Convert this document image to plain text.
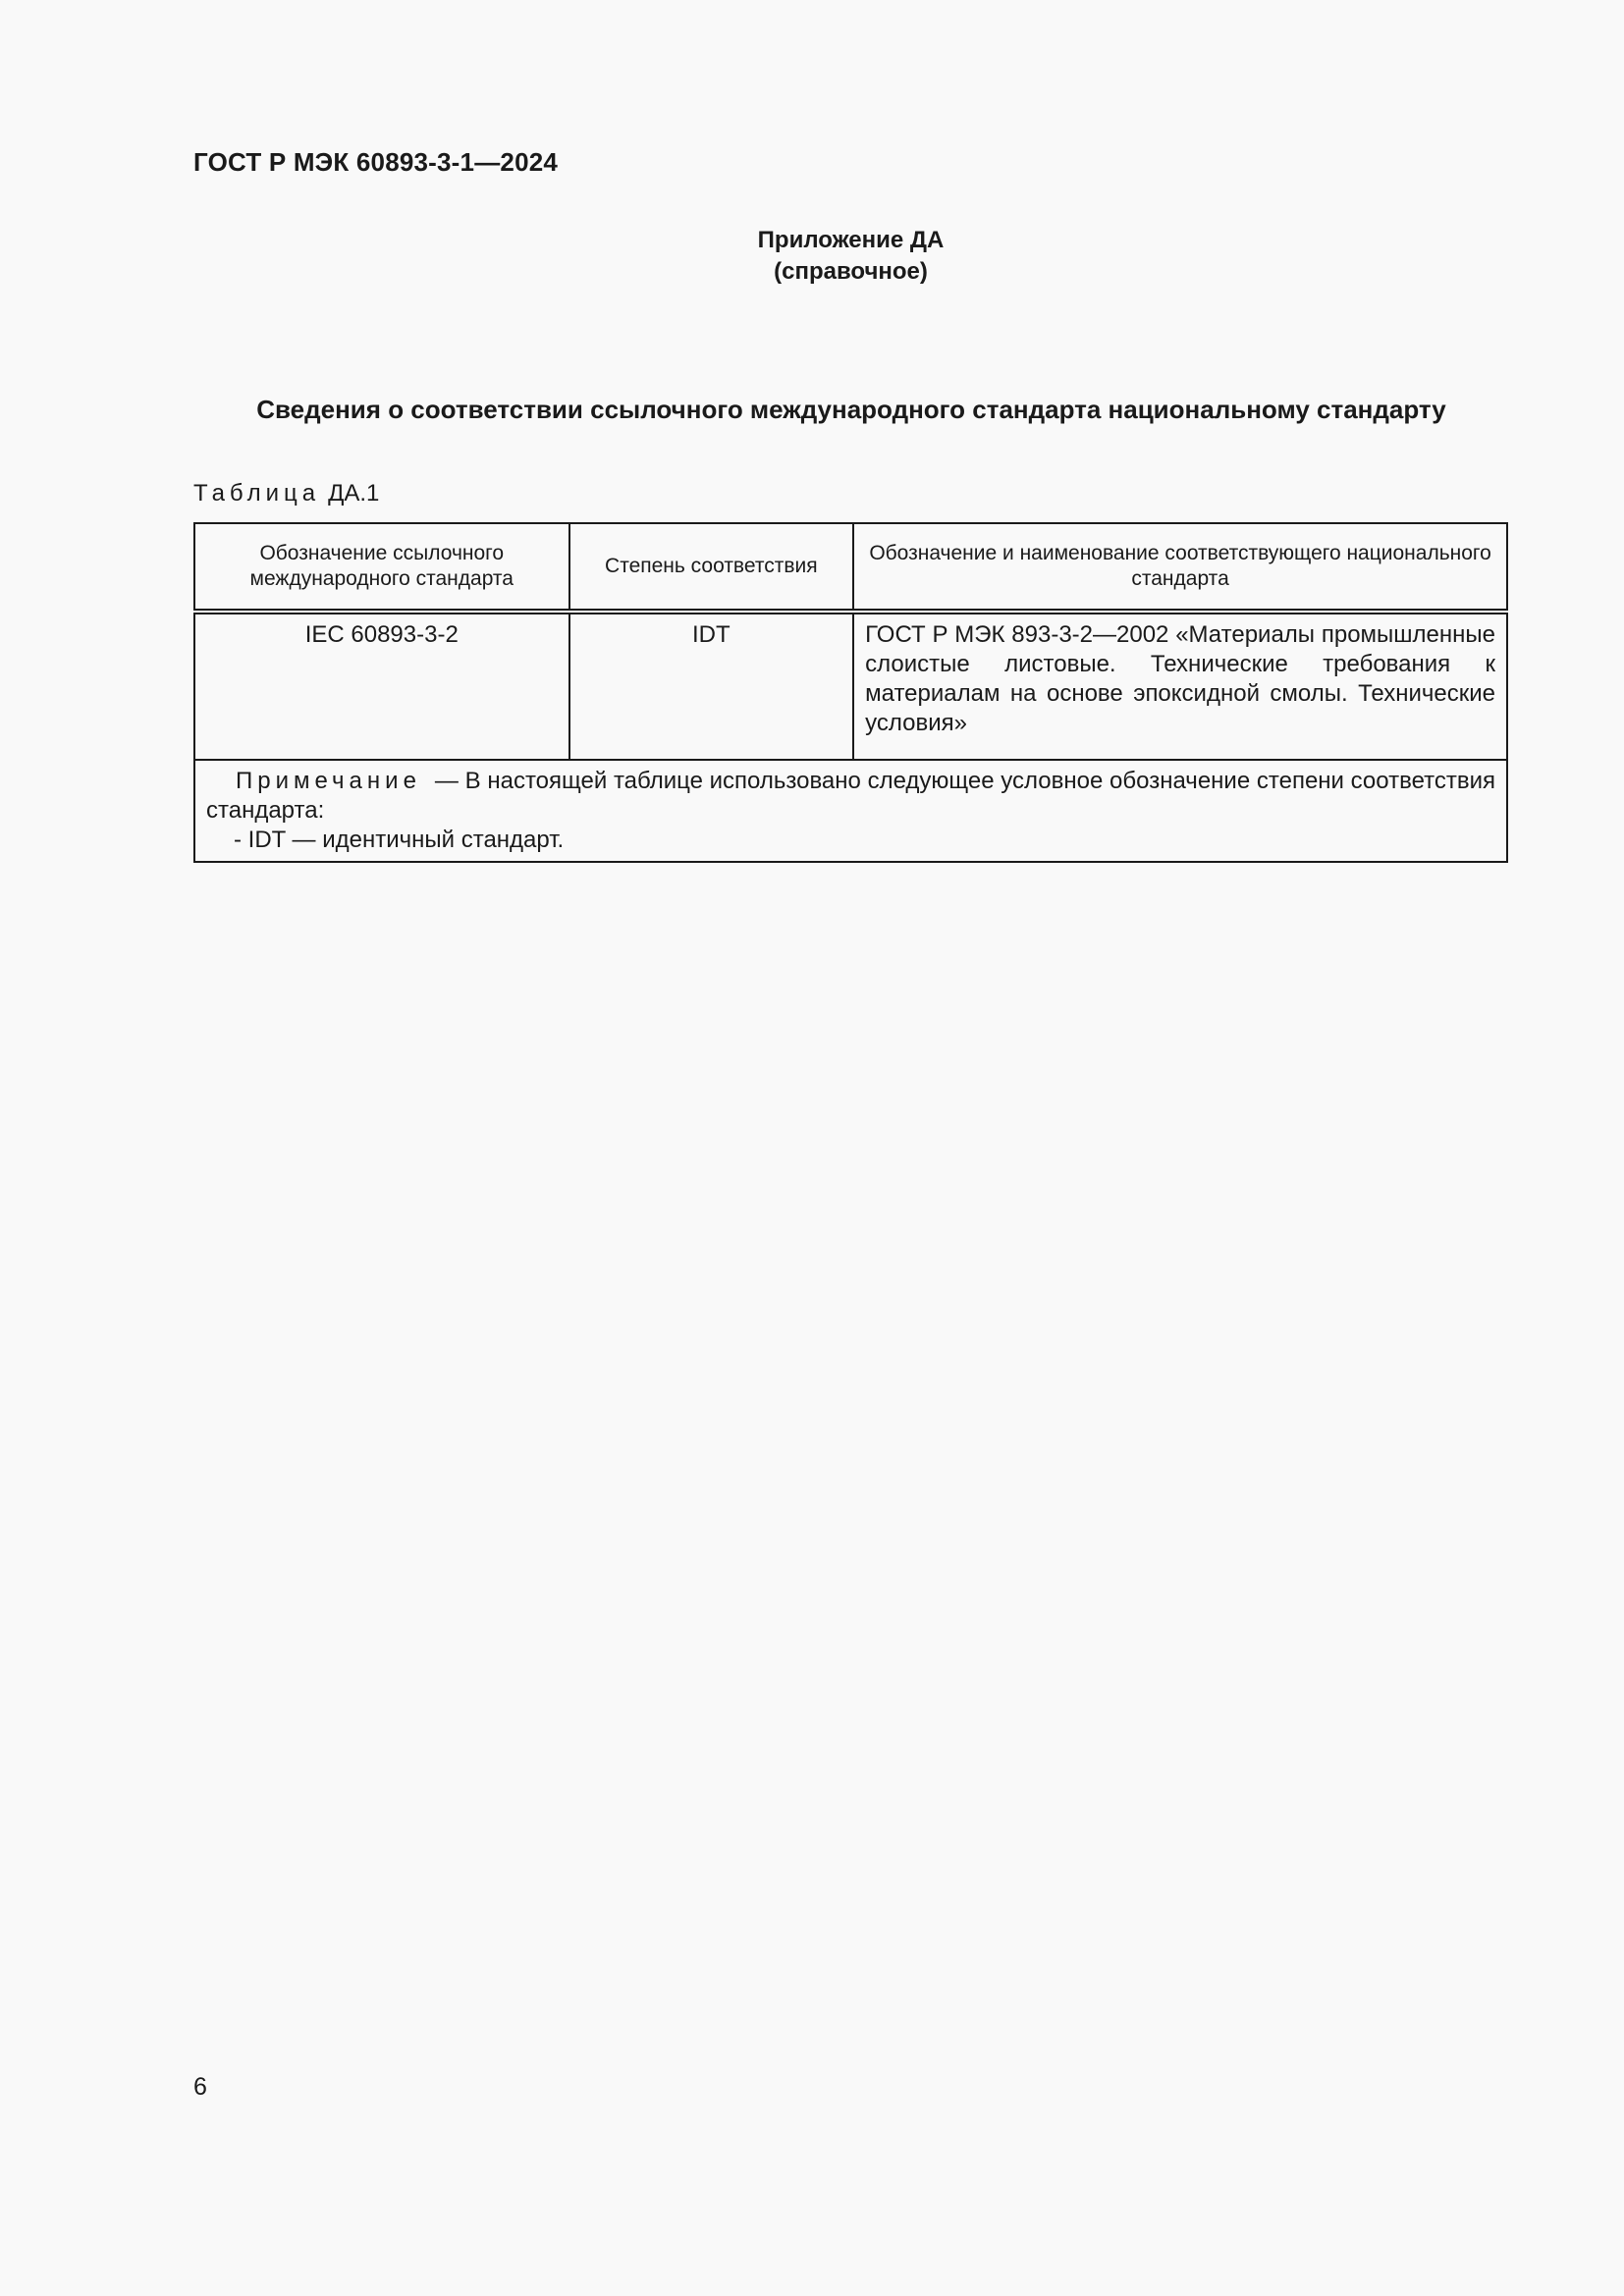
ГОСТ Р МЭК 60893-3-1—2024
Приложение ДА
(справочное)
Сведения о соответствии ссылочного международного стандарта национальному стандарту
Таблица ДА.1
Обозначение ссылочного международного стандарта	Степень соответствия	Обозначение и наименование соответствующего национального стандарта
IEC 60893-3-2	IDT	ГОСТ Р МЭК 893-3-2—2002 «Материалы промышленные слоистые листовые. Технические требования к материалам на основе эпоксидной смолы. Технические условия»
Примечание — В настоящей таблице использовано следующее условное обозначение степени соответствия стандарта:
- IDT — идентичный стандарт.		
6
